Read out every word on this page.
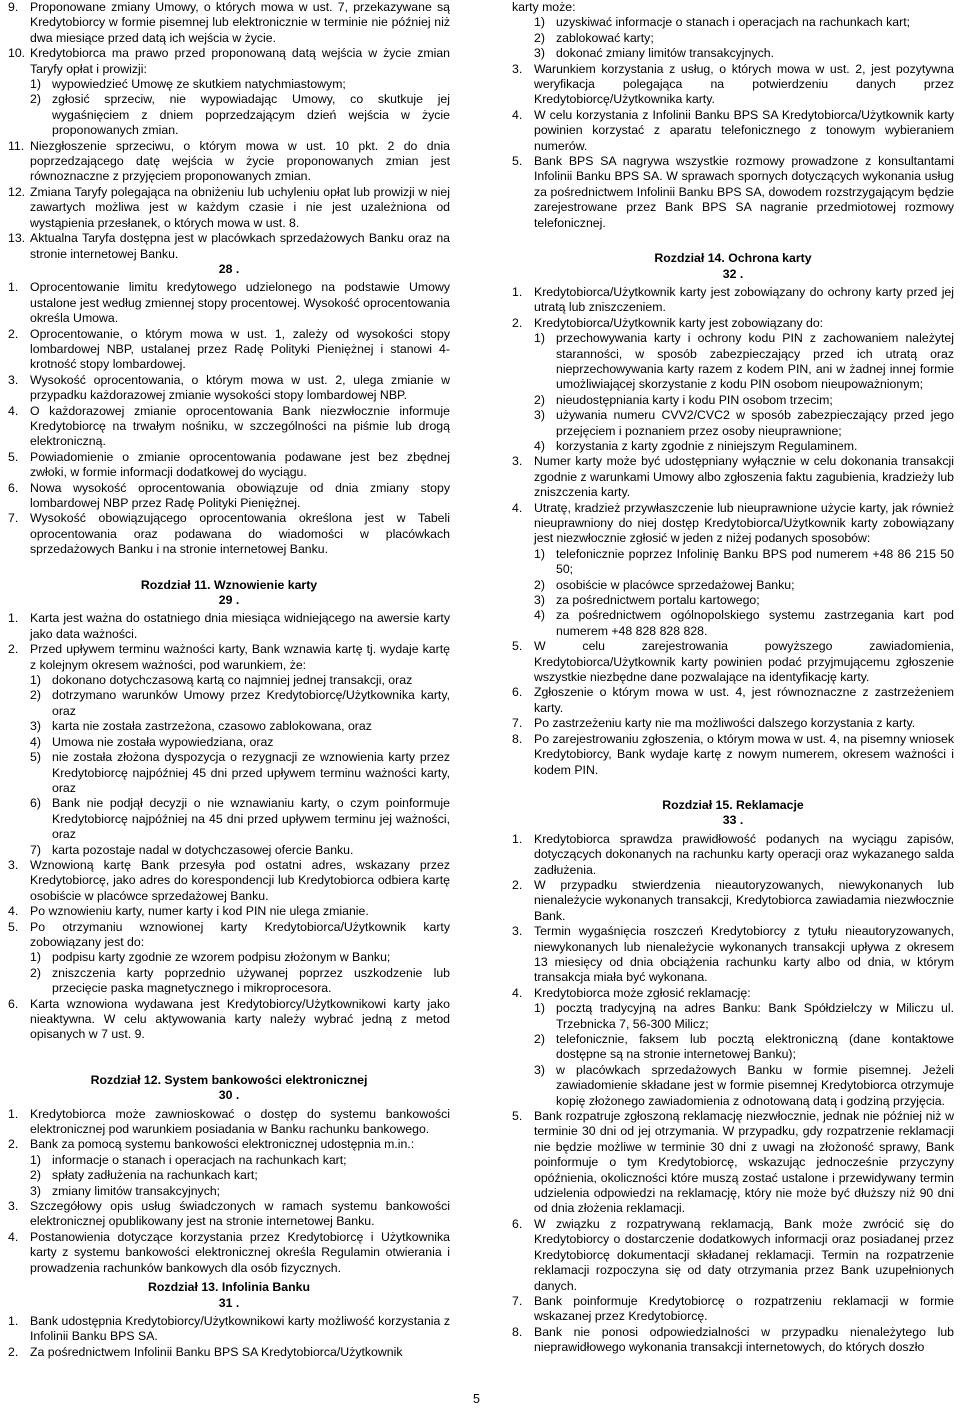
9. Proponowane zmiany Umowy, o których mowa w ust. 7, przekazywane są Kredytobiorcy w formie pisemnej lub elektronicznie w terminie nie później niż dwa miesiące przed datą ich wejścia w życie.
10. Kredytobiorca ma prawo przed proponowaną datą wejścia w życie zmian Taryfy opłat i prowizji:
1) wypowiedzieć Umowę ze skutkiem natychmiastowym;
2) zgłosić sprzeciw, nie wypowiadając Umowy, co skutkuje jej wygaśnięciem z dniem poprzedzającym dzień wejścia w życie proponowanych zmian.
11. Niezgłoszenie sprzeciwu, o którym mowa w ust. 10 pkt. 2 do dnia poprzedzającego datę wejścia w życie proponowanych zmian jest równoznaczne z przyjęciem proponowanych zmian.
12. Zmiana Taryfy polegająca na obniżeniu lub uchyleniu opłat lub prowizji w niej zawartych możliwa jest w każdym czasie i nie jest uzależniona od wystąpienia przesłanek, o których mowa w ust. 8.
13. Aktualna Taryfa dostępna jest w placówkach sprzedażowych Banku oraz na stronie internetowej Banku.
28 .
1. Oprocentowanie limitu kredytowego udzielonego na podstawie Umowy ustalone jest według zmiennej stopy procentowej. Wysokość oprocentowania określa Umowa.
2. Oprocentowanie, o którym mowa w ust. 1, zależy od wysokości stopy lombardowej NBP, ustalanej przez Radę Polityki Pieniężnej i stanowi 4-krotność stopy lombardowej.
3. Wysokość oprocentowania, o którym mowa w ust. 2, ulega zmianie w przypadku każdorazowej zmianie wysokości stopy lombardowej NBP.
4. O każdorazowej zmianie oprocentowania Bank niezwłocznie informuje Kredytobiorcę na trwałym nośniku, w szczególności na piśmie lub drogą elektroniczną.
5. Powiadomienie o zmianie oprocentowania podawane jest bez zbędnej zwłoki, w formie informacji dodatkowej do wyciągu.
6. Nowa wysokość oprocentowania obowiązuje od dnia zmiany stopy lombardowej NBP przez Radę Polityki Pieniężnej.
7. Wysokość obowiązującego oprocentowania określona jest w Tabeli oprocentowania oraz podawana do wiadomości w placówkach sprzedażowych Banku i na stronie internetowej Banku.
Rozdział 11. Wznowienie karty
29 .
1. Karta jest ważna do ostatniego dnia miesiąca widniejącego na awersie karty jako data ważności.
2. Przed upływem terminu ważności karty, Bank wznawia kartę tj. wydaje kartę z kolejnym okresem ważności, pod warunkiem, że:
1) dokonano dotychczasową kartą co najmniej jednej transakcji, oraz
2) dotrzymano warunków Umowy przez Kredytobiorcę/Użytkownika karty, oraz
3) karta nie została zastrzeżona, czasowo zablokowana, oraz
4) Umowa nie została wypowiedziana, oraz
5) nie została złożona dyspozycja o rezygnacji ze wznowienia karty przez Kredytobiorcę najpóźniej 45 dni przed upływem terminu ważności karty, oraz
6) Bank nie podjął decyzji o nie wznawianiu karty, o czym poinformuje Kredytobiorcę najpóźniej na 45 dni przed upływem terminu jej ważności, oraz
7) karta pozostaje nadal w dotychczasowej ofercie Banku.
3. Wznowioną kartę Bank przesyła pod ostatni adres, wskazany przez Kredytobiorcę, jako adres do korespondencji lub Kredytobiorca odbiera kartę osobiście w placówce sprzedażowej Banku.
4. Po wznowieniu karty, numer karty i kod PIN nie ulega zmianie.
5. Po otrzymaniu wznowionej karty Kredytobiorca/Użytkownik karty zobowiązany jest do:
1) podpisu karty zgodnie ze wzorem podpisu złożonym w Banku;
2) zniszczenia karty poprzednio używanej poprzez uszkodzenie lub przecięcie paska magnetycznego i mikroprocesora.
6. Karta wznowiona wydawana jest Kredytobiorcy/Użytkownikowi karty jako nieaktywna. W celu aktywowania karty należy wybrać jedną z metod opisanych w 7 ust. 9.
Rozdział 12. System bankowości elektronicznej
30 .
1. Kredytobiorca może zawnioskować o dostęp do systemu bankowości elektronicznej pod warunkiem posiadania w Banku rachunku bankowego.
2. Bank za pomocą systemu bankowości elektronicznej udostępnia m.in.:
1) informacje o stanach i operacjach na rachunkach kart;
2) spłaty zadłużenia na rachunkach kart;
3) zmiany limitów transakcyjnych;
3. Szczegółowy opis usług świadczonych w ramach systemu bankowości elektronicznej opublikowany jest na stronie internetowej Banku.
4. Postanowienia dotyczące korzystania przez Kredytobiorcę i Użytkownika karty z systemu bankowości elektronicznej określa Regulamin otwierania i prowadzenia rachunków bankowych dla osób fizycznych.
Rozdział 13. Infolinia Banku
31 .
1. Bank udostępnia Kredytobiorcy/Użytkownikowi karty możliwość korzystania z Infolinii Banku BPS SA.
2. Za pośrednictwem Infolinii Banku BPS SA Kredytobiorca/Użytkownik
karty może:
1) uzyskiwać informacje o stanach i operacjach na rachunkach kart;
2) zablokować karty;
3) dokonać zmiany limitów transakcyjnych.
3. Warunkiem korzystania z usług, o których mowa w ust. 2, jest pozytywna weryfikacja polegająca na potwierdzeniu danych przez Kredytobiorcę/Użytkownika karty.
4. W celu korzystania z Infolinii Banku BPS SA Kredytobiorca/Użytkownik karty powinien korzystać z aparatu telefonicznego z tonowym wybieraniem numerów.
5. Bank BPS SA nagrywa wszystkie rozmowy prowadzone z konsultantami Infolinii Banku BPS SA. W sprawach spornych dotyczących wykonania usług za pośrednictwem Infolinii Banku BPS SA, dowodem rozstrzygającym będzie zarejestrowane przez Bank BPS SA nagranie przedmiotowej rozmowy telefonicznej.
Rozdział 14. Ochrona karty
32 .
1. Kredytobiorca/Użytkownik karty jest zobowiązany do ochrony karty przed jej utratą lub zniszczeniem.
2. Kredytobiorca/Użytkownik karty jest zobowiązany do:
1) przechowywania karty i ochrony kodu PIN z zachowaniem należytej staranności, w sposób zabezpieczający przed ich utratą oraz nieprzechowywania karty razem z kodem PIN, ani w żadnej innej formie umożliwiającej skorzystanie z kodu PIN osobom nieupoważnionym;
2) nieudostępniania karty i kodu PIN osobom trzecim;
3) używania numeru CVV2/CVC2 w sposób zabezpieczający przed jego przejęciem i poznaniem przez osoby nieuprawnione;
4) korzystania z karty zgodnie z niniejszym Regulaminem.
3. Numer karty może być udostępniany wyłącznie w celu dokonania transakcji zgodnie z warunkami Umowy albo zgłoszenia faktu zagubienia, kradzieży lub zniszczenia karty.
4. Utratę, kradzież przywłaszczenie lub nieuprawnione użycie karty, jak również nieuprawniony do niej dostęp Kredytobiorca/Użytkownik karty zobowiązany jest niezwłocznie zgłosić w jeden z niżej podanych sposobów:
1) telefonicznie poprzez Infolinię Banku BPS pod numerem +48 86 215 50 50;
2) osobiście w placówce sprzedażowej Banku;
3) za pośrednictwem portalu kartowego;
4) za pośrednictwem ogólnopolskiego systemu zastrzegania kart pod numerem +48 828 828 828.
5. W celu zarejestrowania powyższego zawiadomienia, Kredytobiorca/Użytkownik karty powinien podać przyjmującemu zgłoszenie wszystkie niezbędne dane pozwalające na identyfikację karty.
6. Zgłoszenie o którym mowa w ust. 4, jest równoznaczne z zastrzeżeniem karty.
7. Po zastrzeżeniu karty nie ma możliwości dalszego korzystania z karty.
8. Po zarejestrowaniu zgłoszenia, o którym mowa w ust. 4, na pisemny wniosek Kredytobiorcy, Bank wydaje kartę z nowym numerem, okresem ważności i kodem PIN.
Rozdział 15. Reklamacje
33 .
1. Kredytobiorca sprawdza prawidłowość podanych na wyciągu zapisów, dotyczących dokonanych na rachunku karty operacji oraz wykazanego salda zadłużenia.
2. W przypadku stwierdzenia nieautoryzowanych, niewykonanych lub nienależycie wykonanych transakcji, Kredytobiorca zawiadamia niezwłocznie Bank.
3. Termin wygaśnięcia roszczeń Kredytobiorcy z tytułu nieautoryzowanych, niewykonanych lub nienależycie wykonanych transakcji upływa z okresem 13 miesięcy od dnia obciążenia rachunku karty albo od dnia, w którym transakcja miała być wykonana.
4. Kredytobiorca może zgłosić reklamację:
1) pocztą tradycyjną na adres Banku: Bank Spółdzielczy w Miliczu ul. Trzebnicka 7, 56-300 Milicz;
2) telefonicznie, faksem lub pocztą elektroniczną (dane kontaktowe dostępne są na stronie internetowej Banku);
3) w placówkach sprzedażowych Banku w formie pisemnej. Jeżeli zawiadomienie składane jest w formie pisemnej Kredytobiorca otrzymuje kopię złożonego zawiadomienia z odnotowaną datą i godziną przyjęcia.
5. Bank rozpatruje zgłoszoną reklamację niezwłocznie, jednak nie później niż w terminie 30 dni od jej otrzymania. W przypadku, gdy rozpatrzenie reklamacji nie będzie możliwe w terminie 30 dni z uwagi na złożoność sprawy, Bank poinformuje o tym Kredytobiorcę, wskazując jednocześnie przyczyny opóźnienia, okoliczności które muszą zostać ustalone i przewidywany termin udzielenia odpowiedzi na reklamację, który nie może być dłuższy niż 90 dni od dnia złożenia reklamacji.
6. W związku z rozpatrywaną reklamacją, Bank może zwrócić się do Kredytobiorcy o dostarczenie dodatkowych informacji oraz posiadanej przez Kredytobiorcę dokumentacji składanej reklamacji. Termin na rozpatrzenie reklamacji rozpoczyna się od daty otrzymania przez Bank uzupełnionych danych.
7. Bank poinformuje Kredytobiorcę o rozpatrzeniu reklamacji w formie wskazanej przez Kredytobiorcę.
8. Bank nie ponosi odpowiedzialności w przypadku nienależytego lub nieprawidłowego wykonania transakcji internetowych, do których doszło
5
